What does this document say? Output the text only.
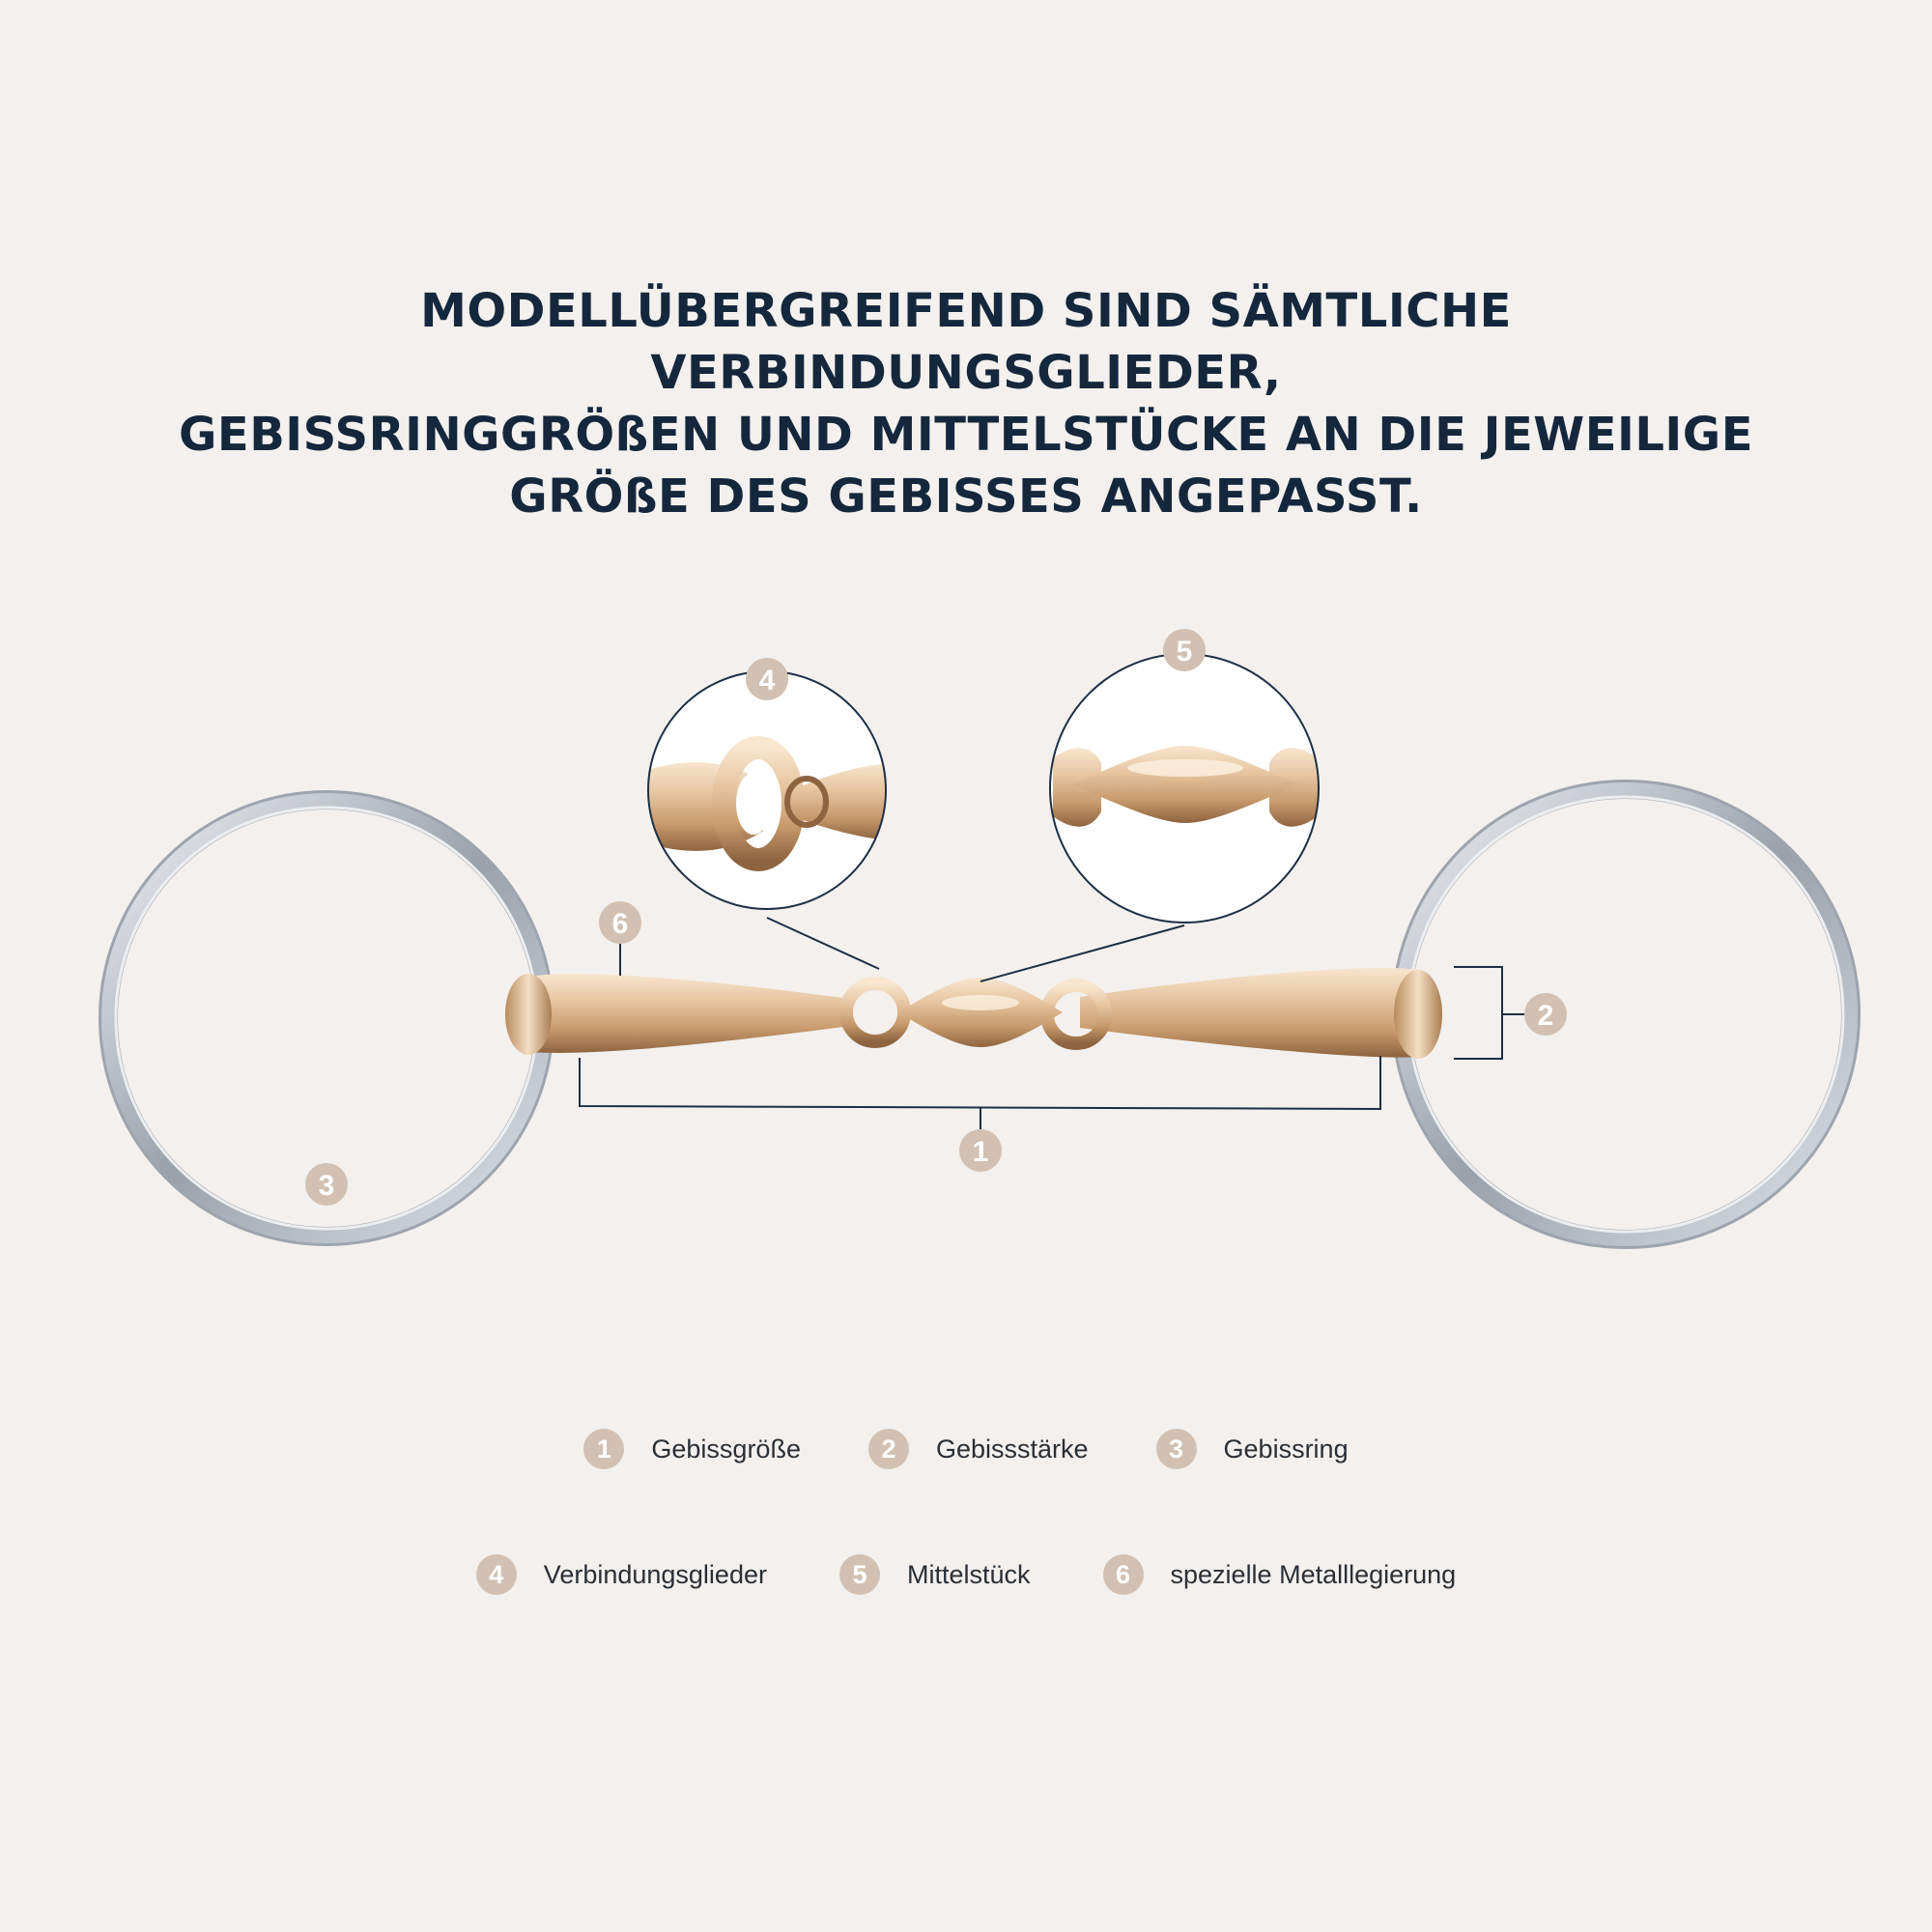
MODELLÜBERGREIFEND SIND SÄMTLICHE VERBINDUNGSGLIEDER,
GEBISSRINGGRÖßEN UND MITTELSTÜCKE AN DIE JEWEILIGE
GRÖßE DES GEBISSES ANGEPASST.
1
2
3
4
5
6
1	Gebissgröße	2	Gebissstärke	3	Gebissring
4	Verbindungsglieder	5	Mittelstück	6	spezielle Metalllegierung
